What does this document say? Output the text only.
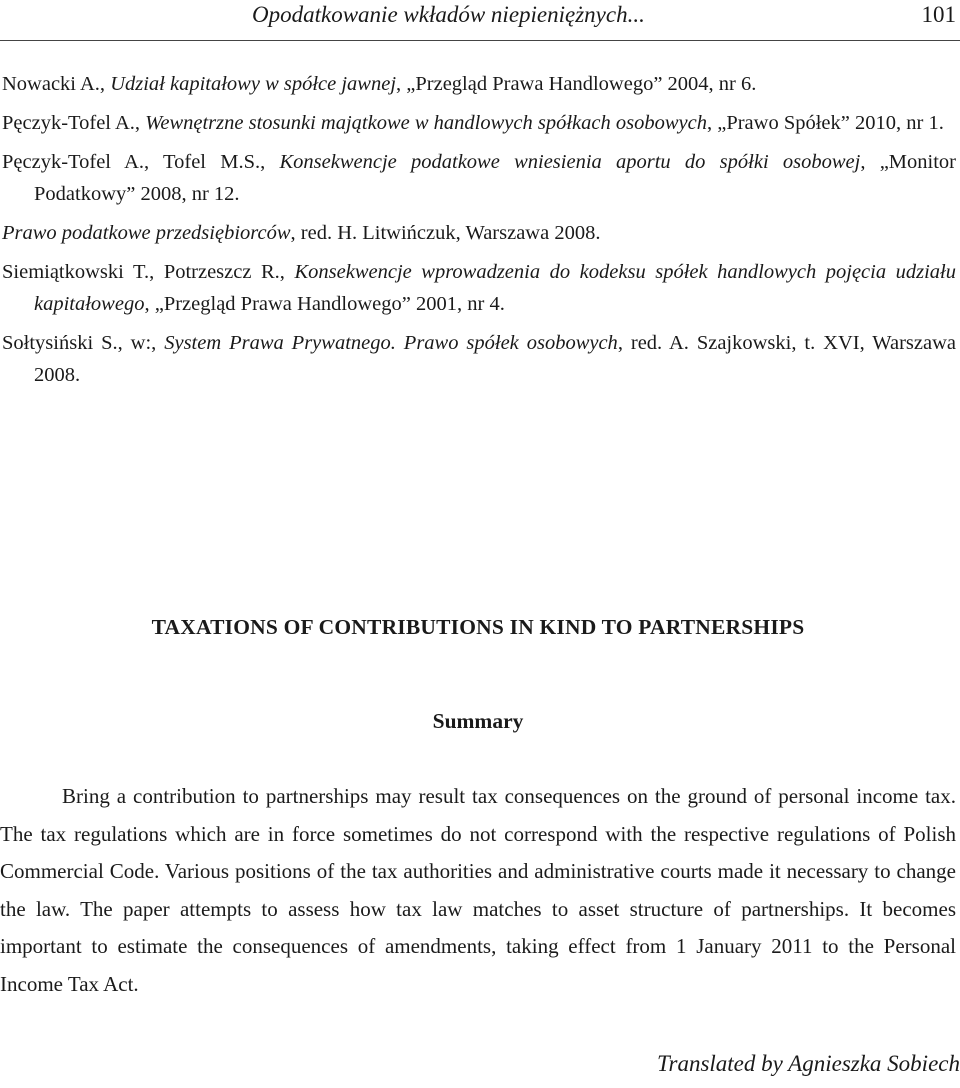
Opodatkowanie wkładów niepieniężnych...	101

Nowacki A., Udział kapitałowy w spółce jawnej, „Przegląd Prawa Handlowego” 2004, nr 6.

Pęczyk-Tofel A., Wewnętrzne stosunki majątkowe w handlowych spółkach osobowych, „Prawo Spółek” 2010, nr 1.

Pęczyk-Tofel A., Tofel M.S., Konsekwencje podatkowe wniesienia aportu do spółki osobowej, „Monitor Podatkowy” 2008, nr 12.

Prawo podatkowe przedsiębiorców, red. H. Litwińczuk, Warszawa 2008.

Siemiątkowski T., Potrzeszcz R., Konsekwencje wprowadzenia do kodeksu spółek handlowych pojęcia udziału kapitałowego, „Przegląd Prawa Handlowego” 2001, nr 4.

Sołtysiński S., w:, System Prawa Prywatnego. Prawo spółek osobowych, red. A. Szajkowski, t. XVI, Warszawa 2008.

TAXATIONS OF CONTRIBUTIONS IN KIND TO PARTNERSHIPS
Summary

Bring a contribution to partnerships may result tax consequences on the ground of personal income tax. The tax regulations which are in force sometimes do not correspond with the respective regulations of Polish Commercial Code. Various positions of the tax authorities and administrative courts made it necessary to change the law. The paper attempts to assess how tax law matches to asset structure of partnerships. It becomes important to estimate the consequences of amendments, taking effect from 1 January 2011 to the Personal Income Tax Act.

Translated by Agnieszka Sobiech
